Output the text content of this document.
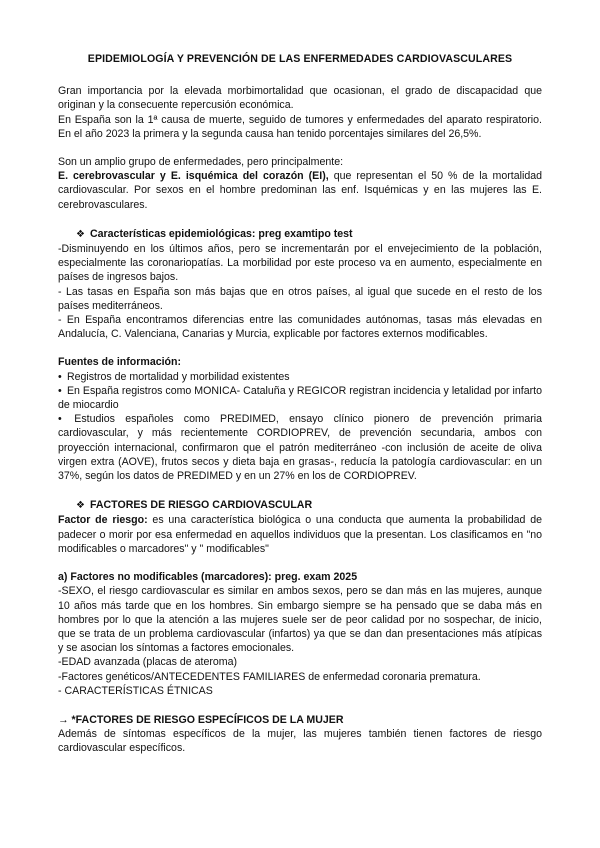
EPIDEMIOLOGÍA Y PREVENCIÓN DE LAS ENFERMEDADES CARDIOVASCULARES

Gran importancia por la elevada morbimortalidad que ocasionan, el grado de discapacidad que originan y la consecuente repercusión económica.

En España son la 1ª causa de muerte, seguido de tumores y enfermedades del aparato respiratorio. En el año 2023 la primera y la segunda causa han tenido porcentajes similares del 26,5%.

Son un amplio grupo de enfermedades, pero principalmente:

E. cerebrovascular y E. isquémica del corazón (EI), que representan el 50 % de la mortalidad cardiovascular. Por sexos en el hombre predominan las enf. Isquémicas y en las mujeres las E. cerebrovasculares.

❖ Características epidemiológicas: preg examtipo test

-Disminuyendo en los últimos años, pero se incrementarán por el envejecimiento de la población, especialmente las coronariopatías. La morbilidad por este proceso va en aumento, especialmente en países de ingresos bajos.

- Las tasas en España son más bajas que en otros países, al igual que sucede en el resto de los países mediterráneos.

- En España encontramos diferencias entre las comunidades autónomas, tasas más elevadas en Andalucía, C. Valenciana, Canarias y Murcia, explicable por factores externos modificables.

Fuentes de información:

• Registros de mortalidad y morbilidad existentes

• En España registros como MONICA- Cataluña y REGICOR registran incidencia y letalidad por infarto de miocardio

• Estudios españoles como PREDIMED, ensayo clínico pionero de prevención primaria cardiovascular, y más recientemente CORDIOPREV, de prevención secundaria, ambos con proyección internacional, confirmaron que el patrón mediterráneo -con inclusión de aceite de oliva virgen extra (AOVE), frutos secos y dieta baja en grasas-, reducía la patología cardiovascular: en un 37%, según los datos de PREDIMED y en un 27% en los de CORDIOPREV.

❖ FACTORES DE RIESGO CARDIOVASCULAR

Factor de riesgo: es una característica biológica o una conducta que aumenta la probabilidad de padecer o morir por esa enfermedad en aquellos individuos que la presentan. Los clasificamos en "no modificables o marcadores" y " modificables"

a) Factores no modificables (marcadores): preg. exam 2025

-SEXO, el riesgo cardiovascular es similar en ambos sexos, pero se dan más en las mujeres, aunque 10 años más tarde que en los hombres. Sin embargo siempre se ha pensado que se daba más en hombres por lo que la atención a las mujeres suele ser de peor calidad por no sospechar, de inicio, que se trata de un problema cardiovascular (infartos) ya que se dan dan presentaciones más atípicas y se asocian los síntomas a factores emocionales.

-EDAD avanzada (placas de ateroma)

-Factores genéticos/ANTECEDENTES FAMILIARES de enfermedad coronaria prematura.

- CARACTERÍSTICAS ÉTNICAS

→ *FACTORES DE RIESGO ESPECÍFICOS DE LA MUJER

Además de síntomas específicos de la mujer, las mujeres también tienen factores de riesgo cardiovascular específicos.
